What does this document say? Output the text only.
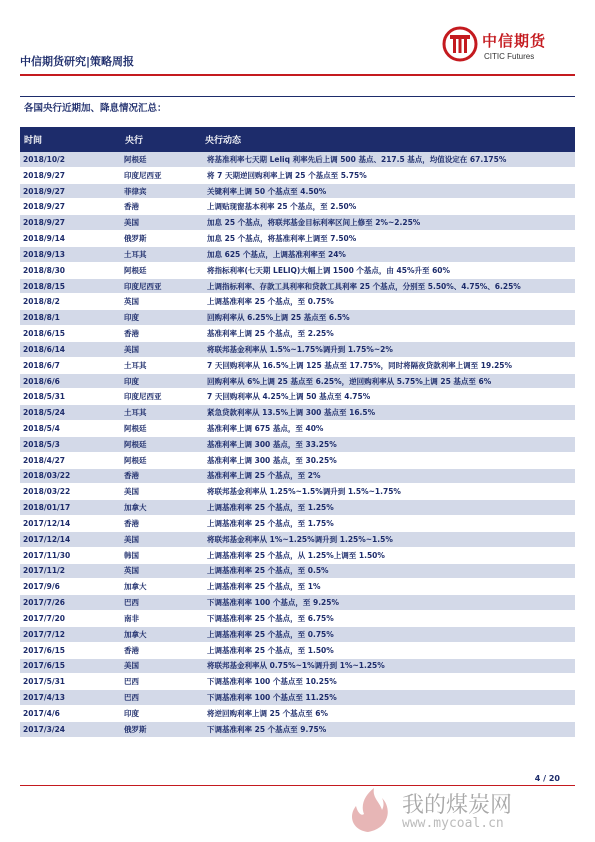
中信期货研究|策略周报
中信期货
CITIC Futures
各国央行近期加、降息情况汇总：
时间	央行	央行动态
2018/10/2	阿根廷	将基准利率七天期 Leliq 利率先后上调 500 基点、217.5 基点，均值设定在 67.175%
2018/9/27	印度尼西亚	将 7 天期逆回购利率上调 25 个基点至 5.75%
2018/9/27	菲律宾	关键利率上调 50 个基点至 4.50%
2018/9/27	香港	上调贴现窗基本利率 25 个基点，至 2.50%
2018/9/27	美国	加息 25 个基点，将联邦基金目标利率区间上修至 2%~2.25%
2018/9/14	俄罗斯	加息 25 个基点，将基准利率上调至 7.50%
2018/9/13	土耳其	加息 625 个基点，上调基准利率至 24%
2018/8/30	阿根廷	将指标利率(七天期 LELIQ)大幅上调 1500 个基点，由 45%升至 60%
2018/8/15	印度尼西亚	上调指标利率、存款工具利率和贷款工具利率 25 个基点，分别至 5.50%、4.75%、6.25%
2018/8/2	英国	上调基准利率 25 个基点，至 0.75%
2018/8/1	印度	回购利率从 6.25%上调 25 基点至 6.5%
2018/6/15	香港	基准利率上调 25 个基点，至 2.25%
2018/6/14	美国	将联邦基金利率从 1.5%~1.75%调升到 1.75%~2%
2018/6/7	土耳其	7 天回购利率从 16.5%上调 125 基点至 17.75%，同时将隔夜贷款利率上调至 19.25%
2018/6/6	印度	回购利率从 6%上调 25 基点至 6.25%，逆回购利率从 5.75%上调 25 基点至 6%
2018/5/31	印度尼西亚	7 天回购利率从 4.25%上调 50 基点至 4.75%
2018/5/24	土耳其	紧急贷款利率从 13.5%上调 300 基点至 16.5%
2018/5/4	阿根廷	基准利率上调 675 基点，至 40%
2018/5/3	阿根廷	基准利率上调 300 基点，至 33.25%
2018/4/27	阿根廷	基准利率上调 300 基点，至 30.25%
2018/03/22	香港	基准利率上调 25 个基点，至 2%
2018/03/22	美国	将联邦基金利率从 1.25%~1.5%调升到 1.5%~1.75%
2018/01/17	加拿大	上调基准利率 25 个基点，至 1.25%
2017/12/14	香港	上调基准利率 25 个基点，至 1.75%
2017/12/14	美国	将联邦基金利率从 1%~1.25%调升到 1.25%~1.5%
2017/11/30	韩国	上调基准利率 25 个基点，从 1.25%上调至 1.50%
2017/11/2	英国	上调基准利率 25 个基点，至 0.5%
2017/9/6	加拿大	上调基准利率 25 个基点，至 1%
2017/7/26	巴西	下调基准利率 100 个基点，至 9.25%
2017/7/20	南非	下调基准利率 25 个基点，至 6.75%
2017/7/12	加拿大	上调基准利率 25 个基点，至 0.75%
2017/6/15	香港	上调基准利率 25 个基点，至 1.50%
2017/6/15	美国	将联邦基金利率从 0.75%~1%调升到 1%~1.25%
2017/5/31	巴西	下调基准利率 100 个基点至 10.25%
2017/4/13	巴西	下调基准利率 100 个基点至 11.25%
2017/4/6	印度	将逆回购利率上调 25 个基点至 6%
2017/3/24	俄罗斯	下调基准利率 25 个基点至 9.75%
4 / 20
我的煤炭网
www.mycoal.cn
